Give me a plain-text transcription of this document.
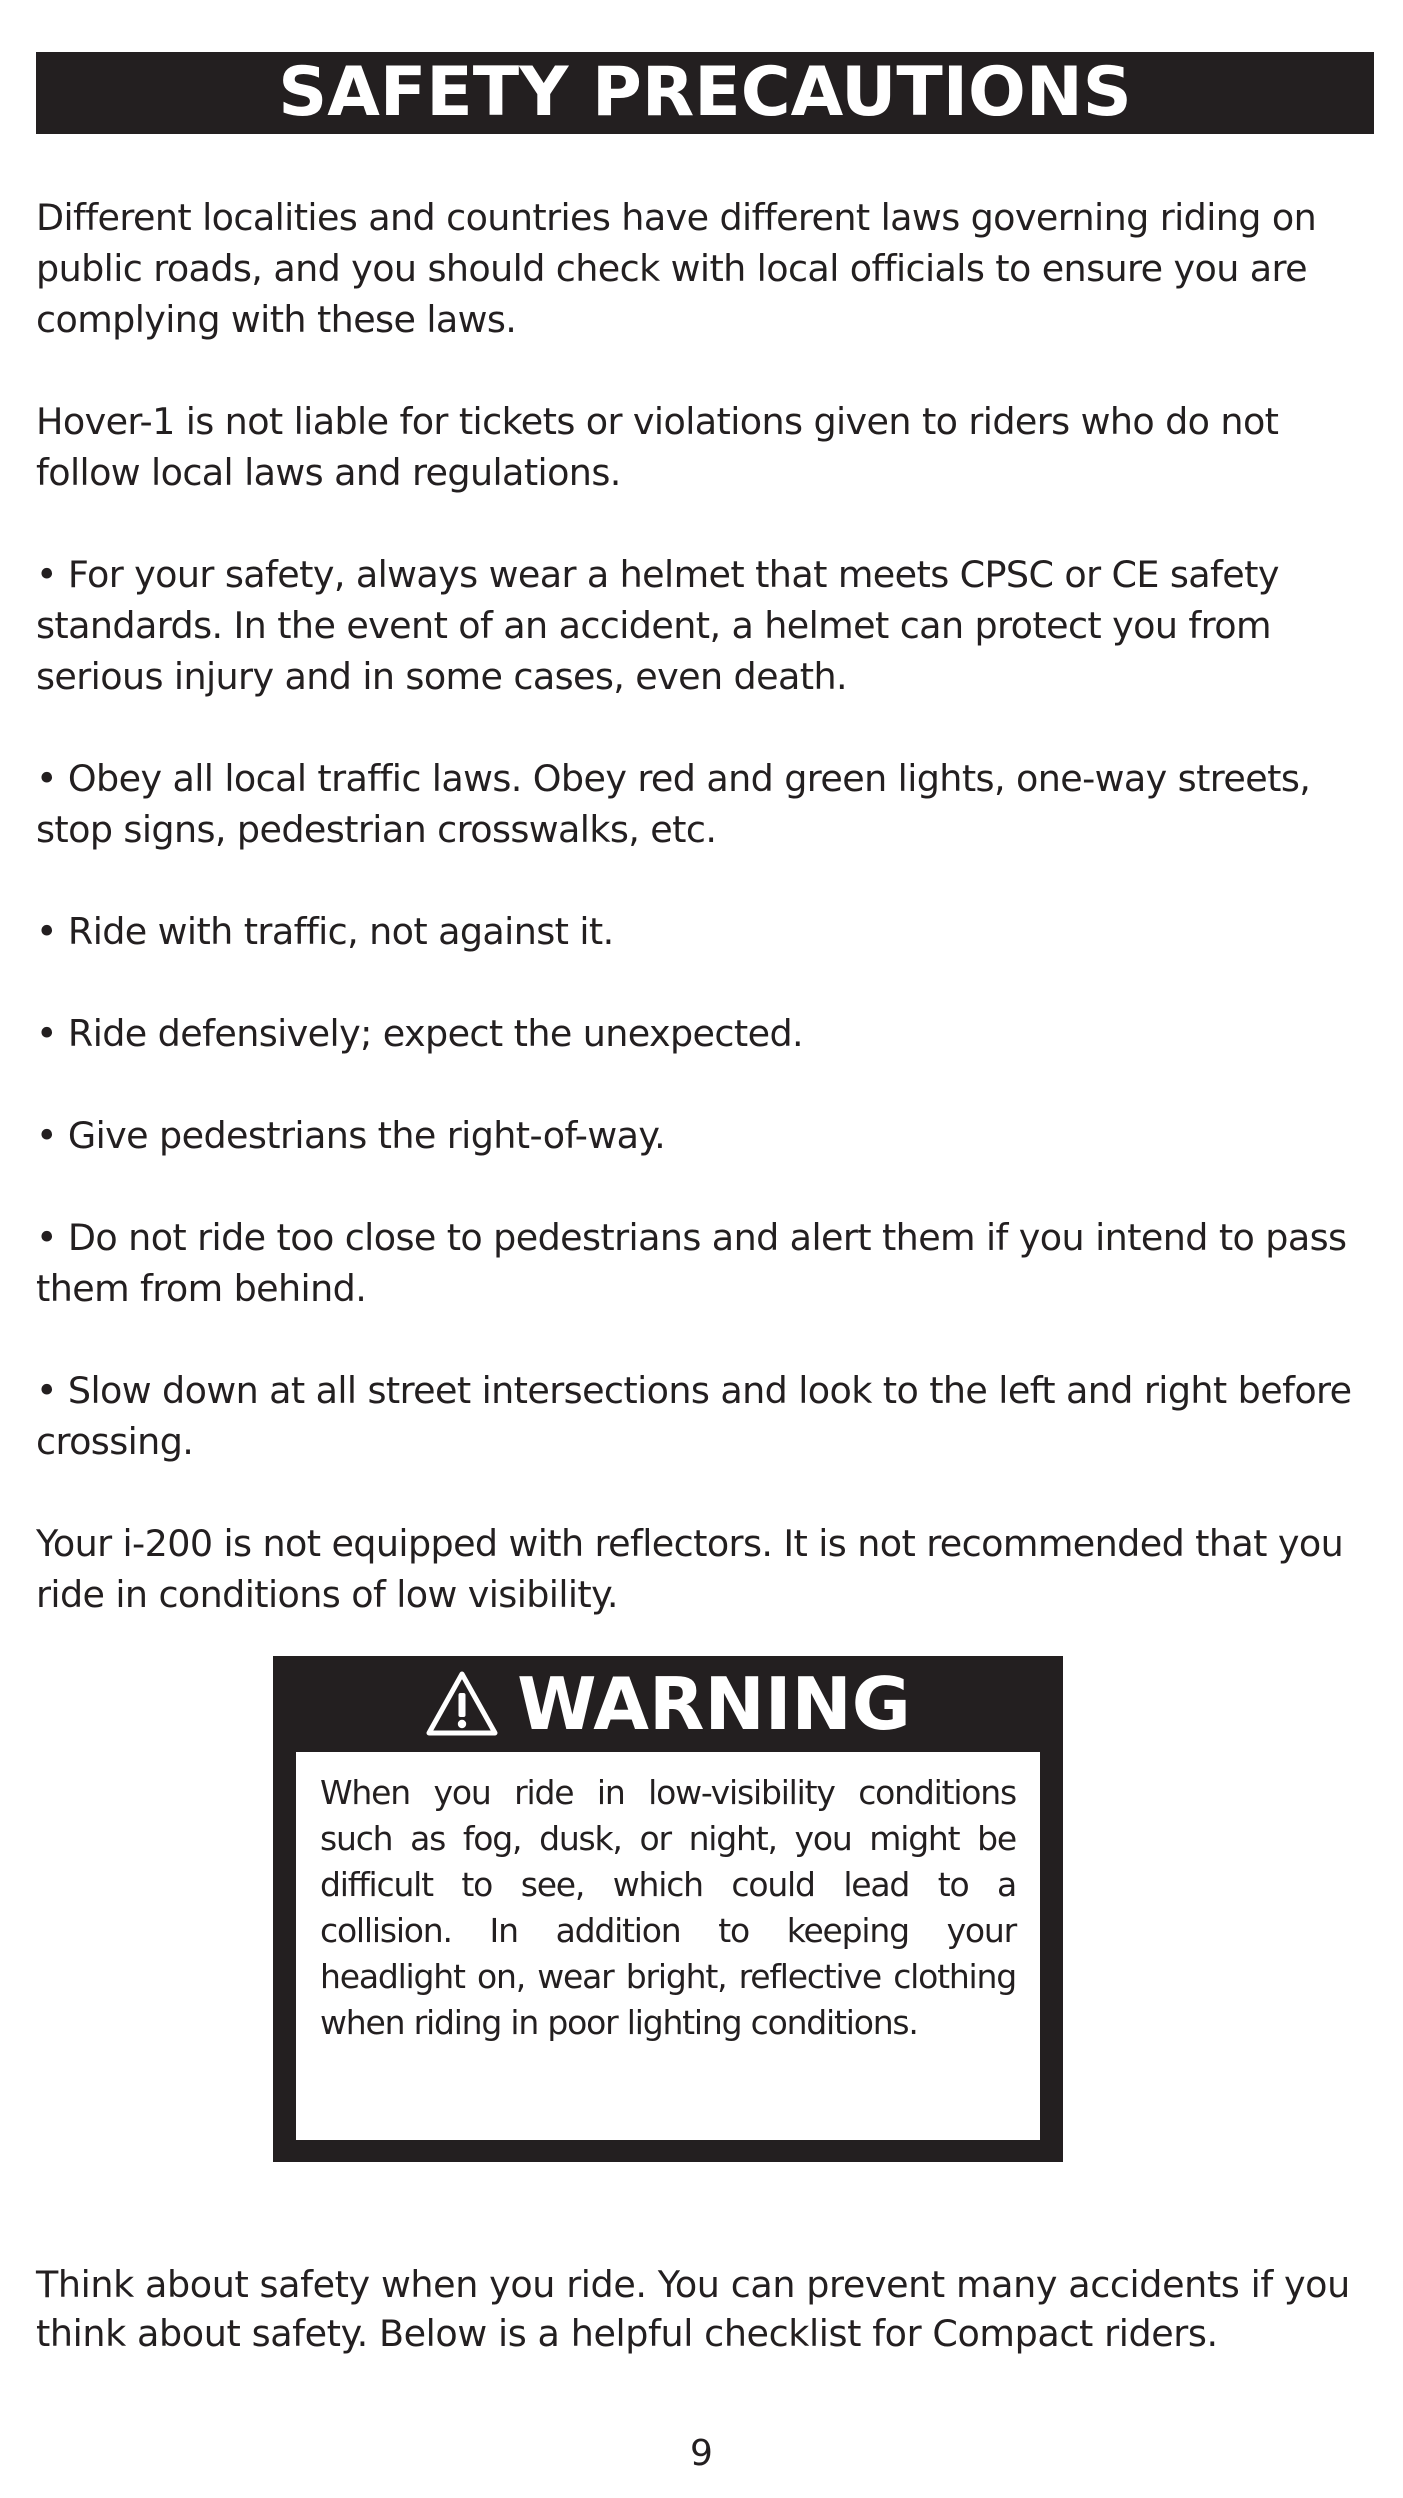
SAFETY PRECAUTIONS

Different localities and countries have different laws governing riding on public roads, and you should check with local officials to ensure you are complying with these laws.

Hover-1 is not liable for tickets or violations given to riders who do not follow local laws and regulations.

• For your safety, always wear a helmet that meets CPSC or CE safety standards. In the event of an accident, a helmet can protect you from serious injury and in some cases, even death.

• Obey all local traffic laws. Obey red and green lights, one-way streets, stop signs, pedestrian crosswalks, etc.

• Ride with traffic, not against it.

• Ride defensively; expect the unexpected.

• Give pedestrians the right-of-way.

• Do not ride too close to pedestrians and alert them if you intend to pass them from behind.

• Slow down at all street intersections and look to the left and right before crossing.

Your i-200 is not equipped with reflectors. It is not recommended that you ride in conditions of low visibility.

WARNING

When you ride in low-visibility conditions such as fog, dusk, or night, you might be difficult to see, which could lead to a collision. In addition to keeping your headlight on, wear bright, reflective clothing when riding in poor lighting conditions.

Think about safety when you ride. You can prevent many accidents if you think about safety. Below is a helpful checklist for Compact riders.

9
